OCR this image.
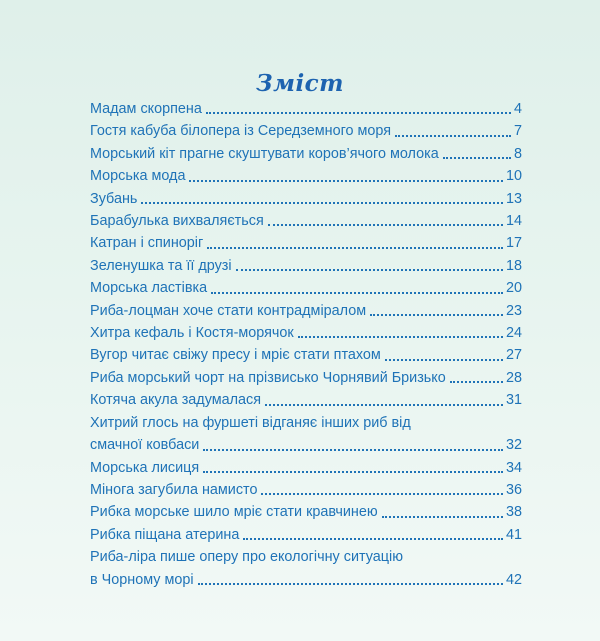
Зміст
Мадам скорпена	4
Гостя кабуба білопера із Середземного моря	7
Морський кіт прагне скуштувати коров’ячого молока	8
Морська мода	10
Зубань	13
Барабулька вихваляється	14
Катран і спиноріг	17
Зеленушка та її друзі	18
Морська ластівка	20
Риба-лоцман хоче стати контрадміралом	23
Хитра кефаль і Костя-морячок	24
Вугор читає свіжу пресу і мріє стати птахом	27
Риба морський чорт на прізвисько Чорнявий Бризько	28
Котяча акула задумалася	31
Хитрий глось на фуршеті відганяє інших риб від
смачної ковбаси	32
Морська лисиця	34
Мінога загубила намисто	36
Рибка морське шило мріє стати кравчинею	38
Рибка піщана атерина	41
Риба-ліра пише оперу про екологічну ситуацію
в Чорному морі	42
